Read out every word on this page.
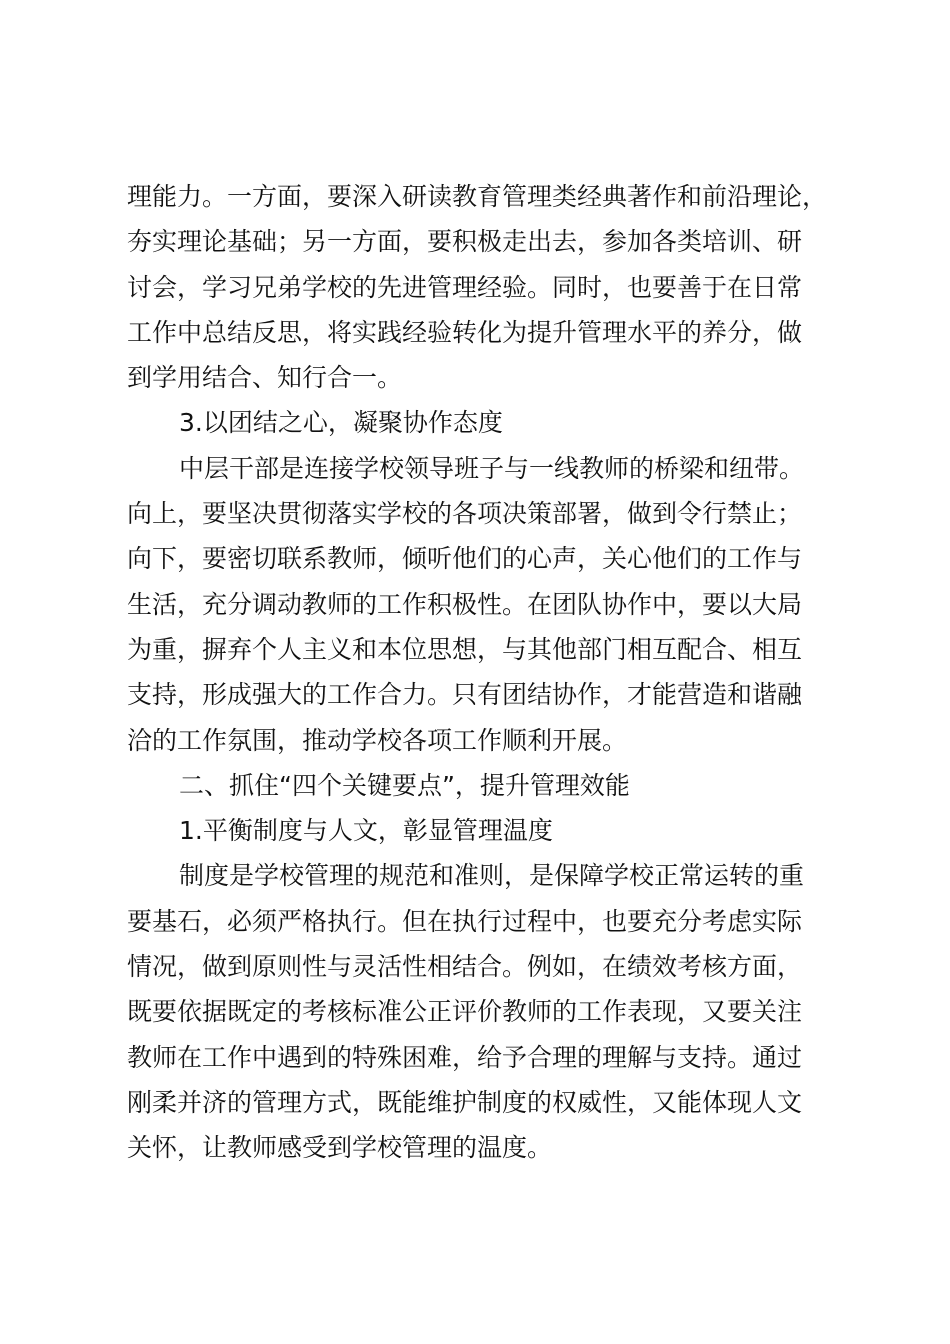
理能力。一方面，要深入研读教育管理类经典著作和前沿理论，
夯实理论基础；另一方面，要积极走出去，参加各类培训、研
讨会，学习兄弟学校的先进管理经验。同时，也要善于在日常
工作中总结反思，将实践经验转化为提升管理水平的养分，做
到学用结合、知行合一。
3.以团结之心，凝聚协作态度
中层干部是连接学校领导班子与一线教师的桥梁和纽带。
向上，要坚决贯彻落实学校的各项决策部署，做到令行禁止；
向下，要密切联系教师，倾听他们的心声，关心他们的工作与
生活，充分调动教师的工作积极性。在团队协作中，要以大局
为重，摒弃个人主义和本位思想，与其他部门相互配合、相互
支持，形成强大的工作合力。只有团结协作，才能营造和谐融
洽的工作氛围，推动学校各项工作顺利开展。
二、抓住“四个关键要点”，提升管理效能
1.平衡制度与人文，彰显管理温度
制度是学校管理的规范和准则，是保障学校正常运转的重
要基石，必须严格执行。但在执行过程中，也要充分考虑实际
情况，做到原则性与灵活性相结合。例如，在绩效考核方面，
既要依据既定的考核标准公正评价教师的工作表现，又要关注
教师在工作中遇到的特殊困难，给予合理的理解与支持。通过
刚柔并济的管理方式，既能维护制度的权威性，又能体现人文
关怀，让教师感受到学校管理的温度。
